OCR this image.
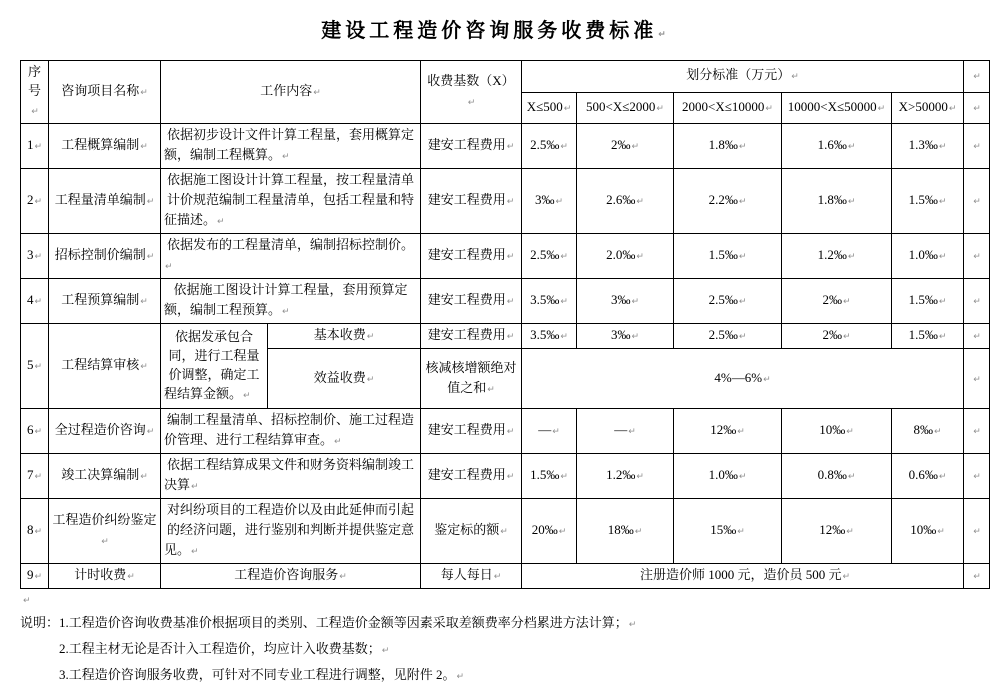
建设工程造价咨询服务收费标准 ↵
序号 ↵	咨询项目名称 ↵	工作内容 ↵		收费基数（X） ↵	划分标准（万元） ↵	↵
					X≤500 ↵	500<X≤2000 ↵	2000<X≤10000 ↵	10000<X≤50000 ↵	X>50000 ↵	↵
1 ↵	工程概算编制 ↵	依据初步设计文件计算工程量，套用概算定额，编制工程概算。 ↵		建安工程费用 ↵	2.5‰ ↵	2‰ ↵	1.8‰ ↵	1.6‰ ↵	1.3‰ ↵	↵
2 ↵	工程量清单编制 ↵	依据施工图设计计算工程量，按工程量清单计价规范编制工程量清单，包括工程量和特征描述。 ↵		建安工程费用 ↵	3‰ ↵	2.6‰ ↵	2.2‰ ↵	1.8‰ ↵	1.5‰ ↵	↵
3 ↵	招标控制价编制 ↵	依据发布的工程量清单，编制招标控制价。 ↵		建安工程费用 ↵	2.5‰ ↵	2.0‰ ↵	1.5‰ ↵	1.2‰ ↵	1.0‰ ↵	↵
4 ↵	工程预算编制 ↵	依据施工图设计计算工程量，套用预算定额，编制工程预算。 ↵		建安工程费用 ↵	3.5‰ ↵	3‰ ↵	2.5‰ ↵	2‰ ↵	1.5‰ ↵	↵
5 ↵	工程结算审核 ↵	依据发承包合同，进行工程量价调整，确定工程结算金额。 ↵	基本收费 ↵	建安工程费用 ↵	3.5‰ ↵	3‰ ↵	2.5‰ ↵	2‰ ↵	1.5‰ ↵	↵
			效益收费 ↵	核减核增额绝对值之和 ↵	4%—6% ↵	↵
6 ↵	全过程造价咨询 ↵	编制工程量清单、招标控制价、施工过程造价管理、进行工程结算审查。 ↵		建安工程费用 ↵	— ↵	— ↵	12‰ ↵	10‰ ↵	8‰ ↵	↵
7 ↵	竣工决算编制 ↵	依据工程结算成果文件和财务资料编制竣工决算 ↵		建安工程费用 ↵	1.5‰ ↵	1.2‰ ↵	1.0‰ ↵	0.8‰ ↵	0.6‰ ↵	↵
8 ↵	工程造价纠纷鉴定 ↵	对纠纷项目的工程造价以及由此延伸而引起的经济问题，进行鉴别和判断并提供鉴定意见。 ↵		鉴定标的额 ↵	20‰ ↵	18‰ ↵	15‰ ↵	12‰ ↵	10‰ ↵	↵
9 ↵	计时收费 ↵	工程造价咨询服务 ↵		每人每日 ↵	注册造价师 1000 元，造价员 500 元 ↵	↵
↵
说明：1.工程造价咨询收费基准价根据项目的类别、工程造价金额等因素采取差额费率分档累进方法计算； ↵
2.工程主材无论是否计入工程造价，均应计入收费基数； ↵
3.工程造价咨询服务收费，可针对不同专业工程进行调整，见附件 2。 ↵
